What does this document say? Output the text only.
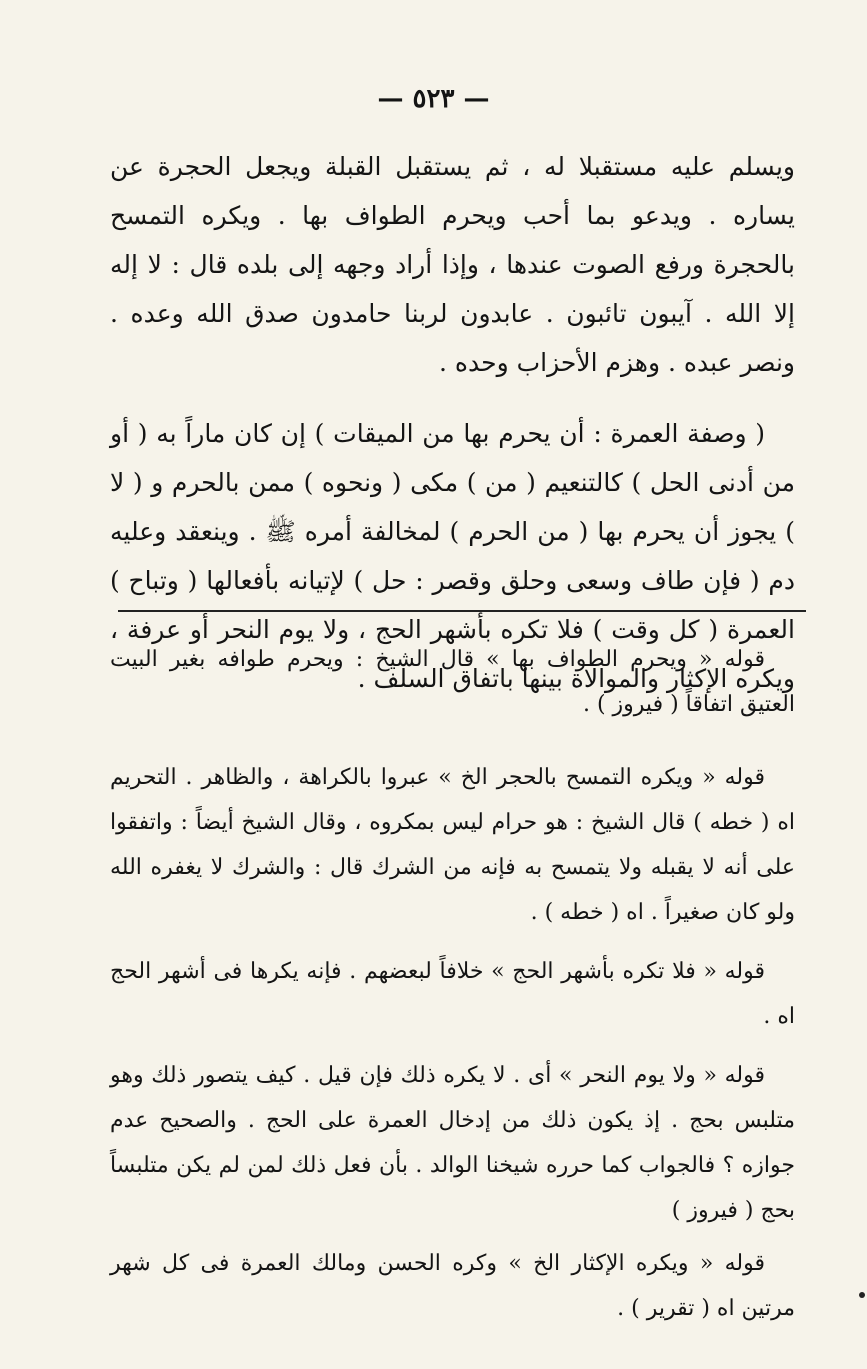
— ٥٢٣ —

ويسلم عليه مستقبلا له ، ثم يستقبل القبلة ويجعل الحجرة عن يساره . ويدعو بما أحب ويحرم الطواف بها . ويكره التمسح بالحجرة ورفع الصوت عندها ، وإذا أراد وجهه إلى بلده قال : لا إله إلا الله . آيبون تائبون . عابدون لربنا حامدون صدق الله وعده . ونصر عبده . وهزم الأحزاب وحده .

( وصفة العمرة : أن يحرم بها من الميقات ) إن كان ماراً به ( أو من أدنى الحل ) كالتنعيم ( من ) مكى ( ونحوه ) ممن بالحرم و ( لا ) يجوز أن يحرم بها ( من الحرم ) لمخالفة أمره ﷺ . وينعقد وعليه دم ( فإن طاف وسعى وحلق وقصر : حل ) لإتيانه بأفعالها ( وتباح ) العمرة ( كل وقت ) فلا تكره بأشهر الحج ، ولا يوم النحر أو عرفة ، ويكره الإكثار والموالاة بينها باتفاق السلف .

قوله « ويحرم الطواف بها » قال الشيخ : ويحرم طوافه بغير البيت العتيق اتفاقاً ( فيروز ) .

قوله « ويكره التمسح بالحجر الخ » عبروا بالكراهة ، والظاهر . التحريم اه ( خطه ) قال الشيخ : هو حرام ليس بمكروه ، وقال الشيخ أيضاً : واتفقوا على أنه لا يقبله ولا يتمسح به فإنه من الشرك قال : والشرك لا يغفره الله ولو كان صغيراً . اه ( خطه ) .

قوله « فلا تكره بأشهر الحج » خلافاً لبعضهم . فإنه يكرها فى أشهر الحج اه .

قوله « ولا يوم النحر » أى . لا يكره ذلك فإن قيل . كيف يتصور ذلك وهو متلبس بحج . إذ يكون ذلك من إدخال العمرة على الحج . والصحيح عدم جوازه ؟ فالجواب كما حرره شيخنا الوالد . بأن فعل ذلك لمن لم يكن متلبساً بحج ( فيروز )

قوله « ويكره الإكثار الخ » وكره الحسن ومالك العمرة فى كل شهر مرتين اه ( تقرير ) .
